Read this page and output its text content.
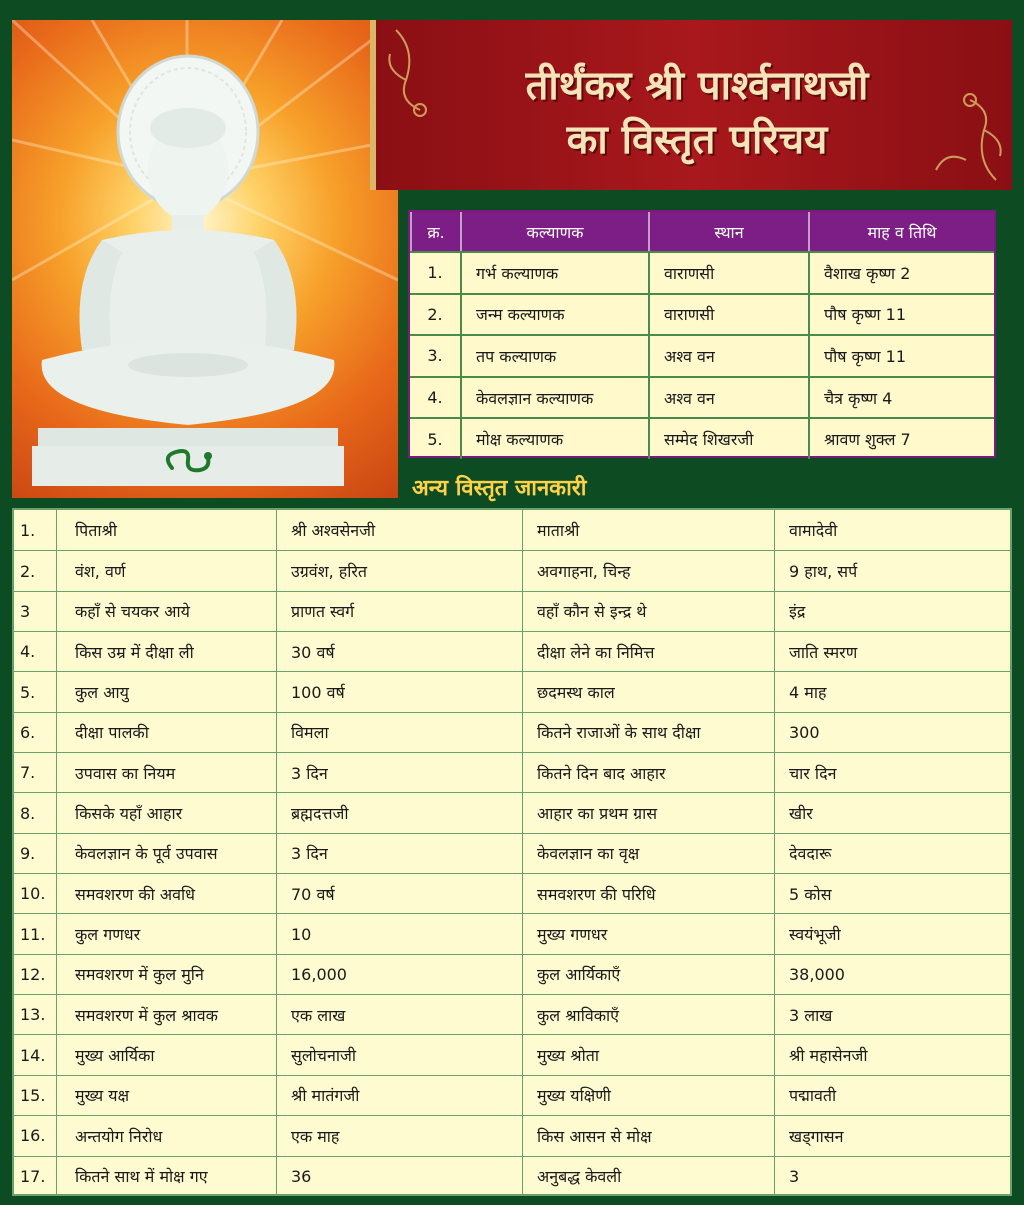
तीर्थंकर श्री पार्श्वनाथजी
का विस्तृत परिचय
क्र.	कल्याणक	स्थान	माह व तिथि
1.	गर्भ कल्याणक	वाराणसी	वैशाख कृष्ण 2
2.	जन्म कल्याणक	वाराणसी	पौष कृष्ण 11
3.	तप कल्याणक	अश्व वन	पौष कृष्ण 11
4.	केवलज्ञान कल्याणक	अश्व वन	चैत्र कृष्ण 4
5.	मोक्ष कल्याणक	सम्मेद शिखरजी	श्रावण शुक्ल 7
अन्य विस्तृत जानकारी
1.	पिताश्री	श्री अश्वसेनजी	माताश्री	वामादेवी
2.	वंश, वर्ण	उग्रवंश, हरित	अवगाहना, चिन्ह	9 हाथ, सर्प
3	कहाँ से चयकर आये	प्राणत स्वर्ग	वहाँ कौन से इन्द्र थे	इंद्र
4.	किस उम्र में दीक्षा ली	30 वर्ष	दीक्षा लेने का निमित्त	जाति स्मरण
5.	कुल आयु	100 वर्ष	छदमस्थ काल	4 माह
6.	दीक्षा पालकी	विमला	कितने राजाओं के साथ दीक्षा	300
7.	उपवास का नियम	3 दिन	कितने दिन बाद आहार	चार दिन
8.	किसके यहाँ आहार	ब्रह्मदत्तजी	आहार का प्रथम ग्रास	खीर
9.	केवलज्ञान के पूर्व उपवास	3 दिन	केवलज्ञान का वृक्ष	देवदारू
10.	समवशरण की अवधि	70 वर्ष	समवशरण की परिधि	5 कोस
11.	कुल गणधर	10	मुख्य गणधर	स्वयंभूजी
12.	समवशरण में कुल मुनि	16,000	कुल आर्यिकाएँ	38,000
13.	समवशरण में कुल श्रावक	एक लाख	कुल श्राविकाएँ	3 लाख
14.	मुख्य आर्यिका	सुलोचनाजी	मुख्य श्रोता	श्री महासेनजी
15.	मुख्य यक्ष	श्री मातंगजी	मुख्य यक्षिणी	पद्मावती
16.	अन्तयोग निरोध	एक माह	किस आसन से मोक्ष	खड्गासन
17.	कितने साथ में मोक्ष गए	36	अनुबद्ध केवली	3
